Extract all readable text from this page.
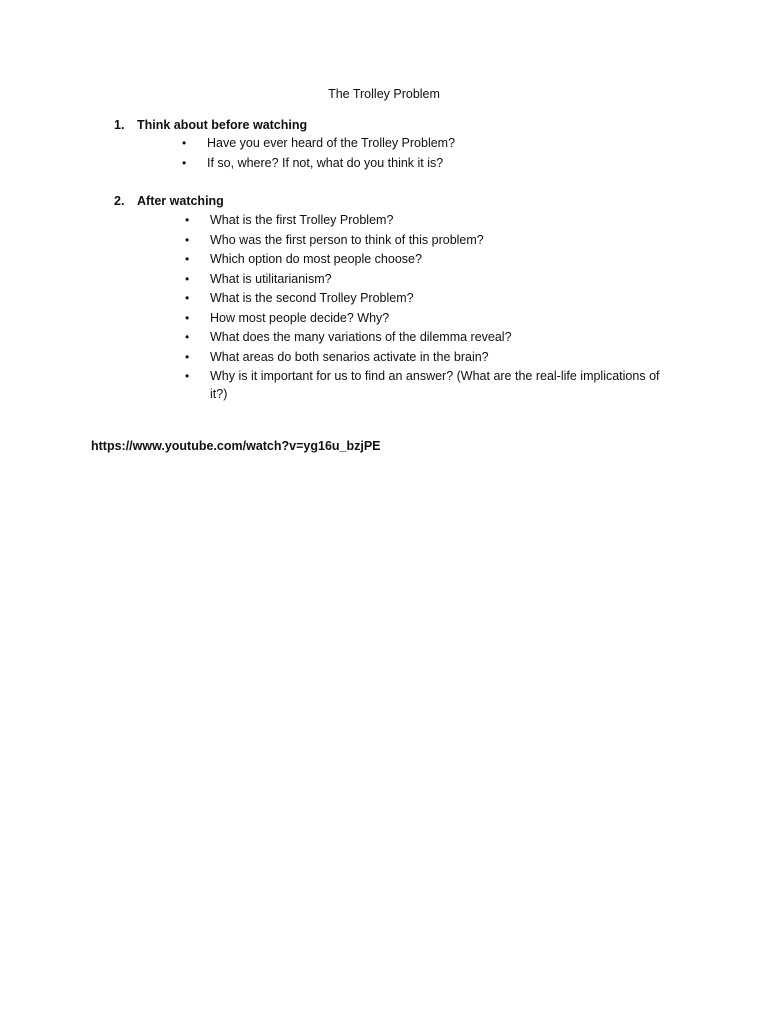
The Trolley Problem
1. Think about before watching
• Have you ever heard of the Trolley Problem?
• If so, where? If not, what do you think it is?
2. After watching
• What is the first Trolley Problem?
• Who was the first person to think of this problem?
• Which option do most people choose?
• What is utilitarianism?
• What is the second Trolley Problem?
• How most people decide? Why?
• What does the many variations of the dilemma reveal?
• What areas do both senarios activate in the brain?
• Why is it important for us to find an answer? (What are the real-life implications of it?)
https://www.youtube.com/watch?v=yg16u_bzjPE
